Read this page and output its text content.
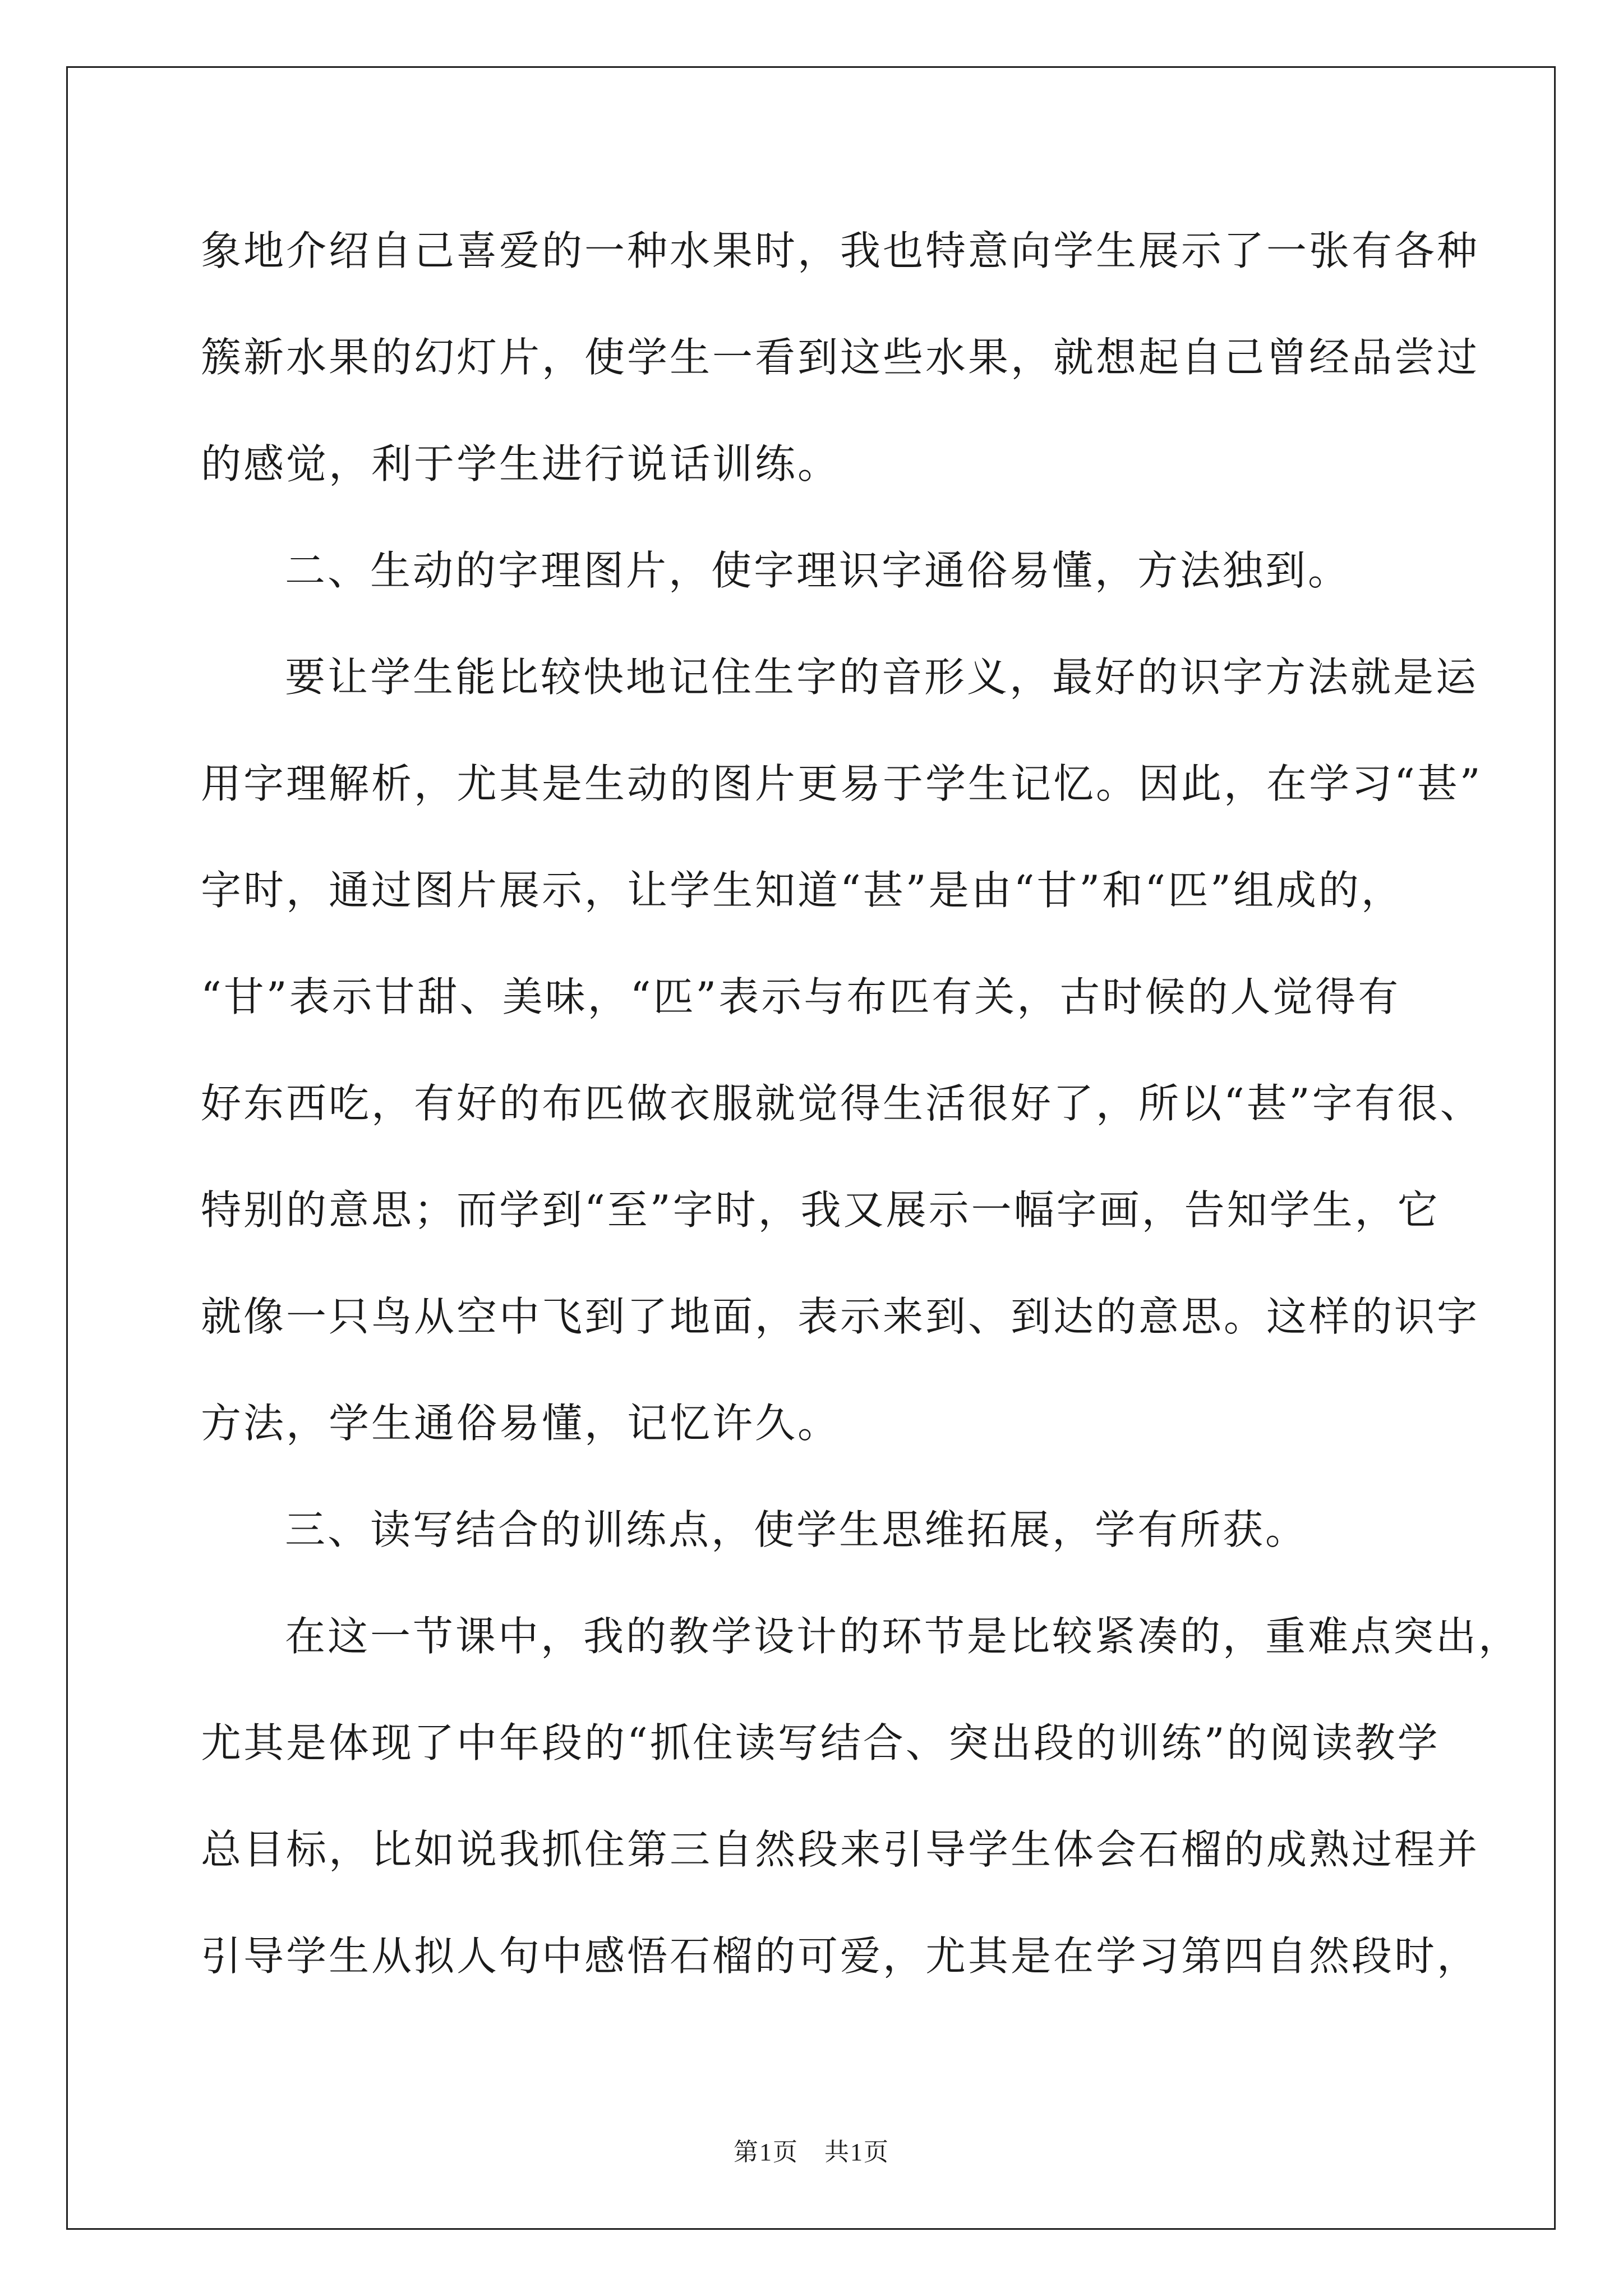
象地介绍自己喜爱的一种水果时，我也特意向学生展示了一张有各种
簇新水果的幻灯片，使学生一看到这些水果，就想起自己曾经品尝过
的感觉，利于学生进行说话训练。
二、生动的字理图片，使字理识字通俗易懂，方法独到。
要让学生能比较快地记住生字的音形义，最好的识字方法就是运
用字理解析，尤其是生动的图片更易于学生记忆。因此，在学习“甚”
字时，通过图片展示，让学生知道“甚”是由“甘”和“匹”组成的，
“甘”表示甘甜、美味，“匹”表示与布匹有关，古时候的人觉得有
好东西吃，有好的布匹做衣服就觉得生活很好了，所以“甚”字有很、
特别的意思；而学到“至”字时，我又展示一幅字画，告知学生，它
就像一只鸟从空中飞到了地面，表示来到、到达的意思。这样的识字
方法，学生通俗易懂，记忆许久。
三、读写结合的训练点，使学生思维拓展，学有所获。
在这一节课中，我的教学设计的环节是比较紧凑的，重难点突出，
尤其是体现了中年段的“抓住读写结合、突出段的训练”的阅读教学
总目标，比如说我抓住第三自然段来引导学生体会石榴的成熟过程并
引导学生从拟人句中感悟石榴的可爱，尤其是在学习第四自然段时，
第1页　共1页
